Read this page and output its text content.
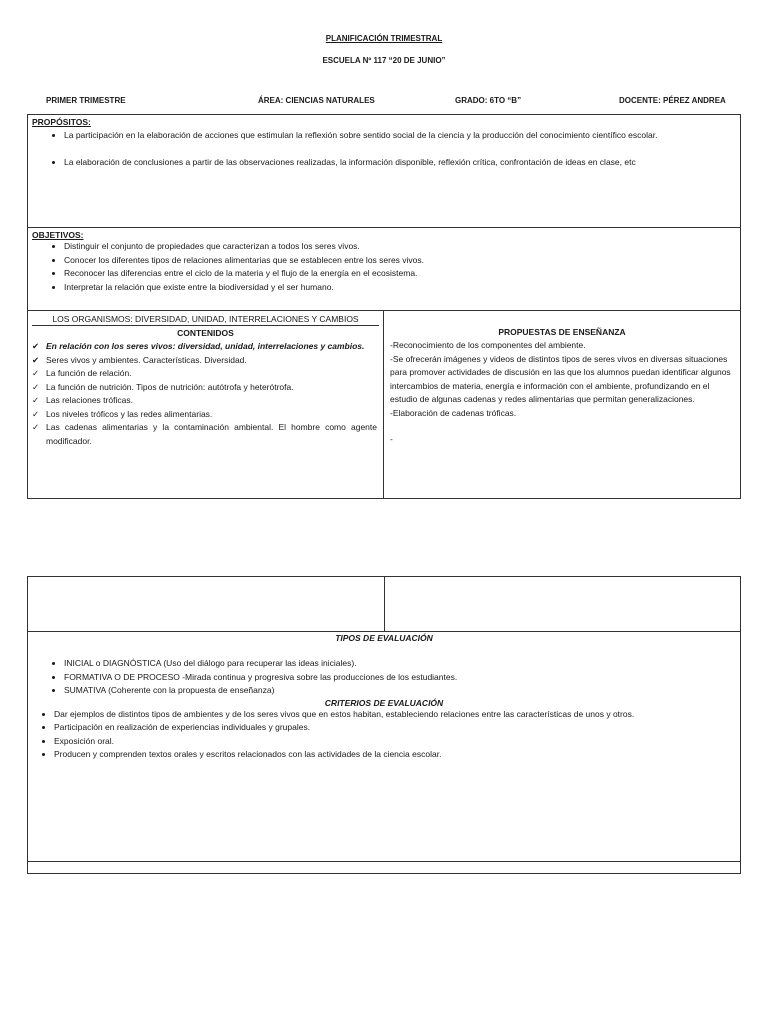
PLANIFICACIÓN TRIMESTRAL
ESCUELA Nº 117 “20 DE JUNIO”
PRIMER TRIMESTRE	ÁREA: CIENCIAS NATURALES	GRADO: 6TO “B”	DOCENTE: PÉREZ ANDREA
PROPÓSITOS:
• La participación en la elaboración de acciones que estimulan la reflexión sobre sentido social de la ciencia y la producción del conocimiento científico escolar.
• La elaboración de conclusiones a partir de las observaciones realizadas, la información disponible, reflexión crítica, confrontación de ideas en clase, etc
OBJETIVOS:
• Distinguir el conjunto de propiedades que caracterizan a todos los seres vivos.
• Conocer los diferentes tipos de relaciones alimentarias que se establecen entre los seres vivos.
• Reconocer las diferencias entre el ciclo de la materia y el flujo de la energía en el ecosistema.
• Interpretar la relación que existe entre la biodiversidad y el ser humano.
LOS ORGANISMOS: DIVERSIDAD, UNIDAD, INTERRELACIONES Y CAMBIOS
CONTENIDOS
✔ En relación con los seres vivos: diversidad, unidad, interrelaciones y cambios.
✔ Seres vivos y ambientes. Características. Diversidad.
✓ La función de relación.
✓ La función de nutrición. Tipos de nutrición: autótrofa y heterótrofa.
✓ Las relaciones tróficas.
✓ Los niveles tróficos y las redes alimentarias.
✓ Las cadenas alimentarias y la contaminación ambiental. El hombre como agente modificador.
PROPUESTAS DE ENSEÑANZA
-Reconocimiento de los componentes del ambiente.
-Se ofrecerán imágenes y videos de distintos tipos de seres vivos en diversas situaciones para promover actividades de discusión en las que los alumnos puedan identificar algunos intercambios de materia, energía e información con el ambiente, profundizando en el estudio de algunas cadenas y redes alimentarias que permitan generalizaciones.
-Elaboración de cadenas tróficas.
-
TIPOS DE EVALUACIÓN
• INICIAL o DIAGNÓSTICA (Uso del diálogo para recuperar las ideas iniciales).
• FORMATIVA O DE PROCESO -Mirada continua y progresiva sobre las producciones de los estudiantes.
• SUMATIVA (Coherente con la propuesta de enseñanza)
CRITERIOS DE EVALUACIÓN
• Dar ejemplos de distintos tipos de ambientes y de los seres vivos que en estos habitan, estableciendo relaciones entre las características de unos y otros.
• Participación en realización de experiencias individuales y grupales.
• Exposición oral.
• Producen y comprenden textos orales y escritos relacionados con las actividades de la ciencia escolar.
